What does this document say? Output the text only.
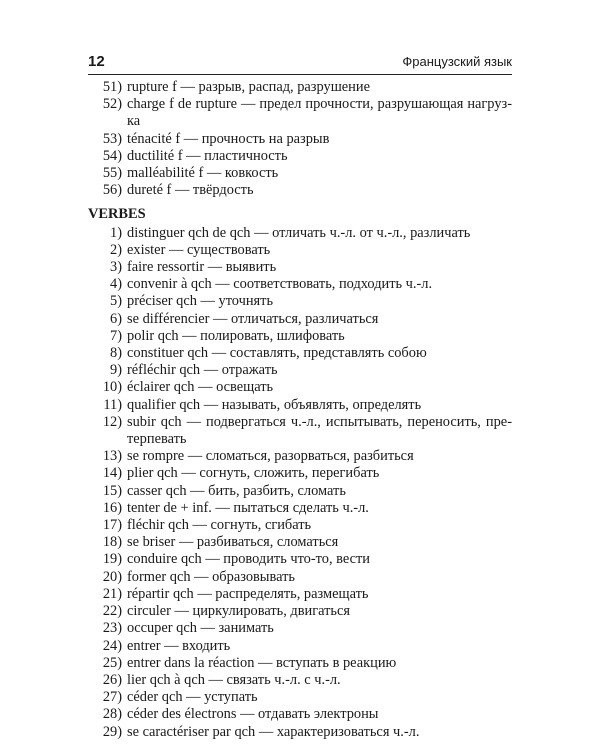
12	Французский язык
51) rupture f — разрыв, распад, разрушение
52) charge f de rupture — предел прочности, разрушающая нагруз-ка
53) ténacité f — прочность на разрыв
54) ductilité f — пластичность
55) malléabilité f — ковкость
56) dureté f — твёрдость
VERBES
1) distinguer qch de qch — отличать ч.-л. от ч.-л., различать
2) exister — существовать
3) faire ressortir — выявить
4) convenir à qch — соответствовать, подходить ч.-л.
5) préciser qch — уточнять
6) se différencier — отличаться, различаться
7) polir qch — полировать, шлифовать
8) constituer qch — составлять, представлять собою
9) réfléchir qch — отражать
10) éclairer qch — освещать
11) qualifier qch — называть, объявлять, определять
12) subir qch — подвергаться ч.-л., испытывать, переносить, пре-терпевать
13) se rompre — сломаться, разорваться, разбиться
14) plier qch — согнуть, сложить, перегибать
15) casser qch — бить, разбить, сломать
16) tenter de + inf. — пытаться сделать ч.-л.
17) fléchir qch — согнуть, сгибать
18) se briser — разбиваться, сломаться
19) conduire qch — проводить что-то, вести
20) former qch — образовывать
21) répartir qch — распределять, размещать
22) circuler — циркулировать, двигаться
23) occuper qch — занимать
24) entrer — входить
25) entrer dans la réaction — вступать в реакцию
26) lier qch à qch — связать ч.-л. с ч.-л.
27) céder qch — уступать
28) céder des électrons — отдавать электроны
29) se caractériser par qch — характеризоваться ч.-л.
